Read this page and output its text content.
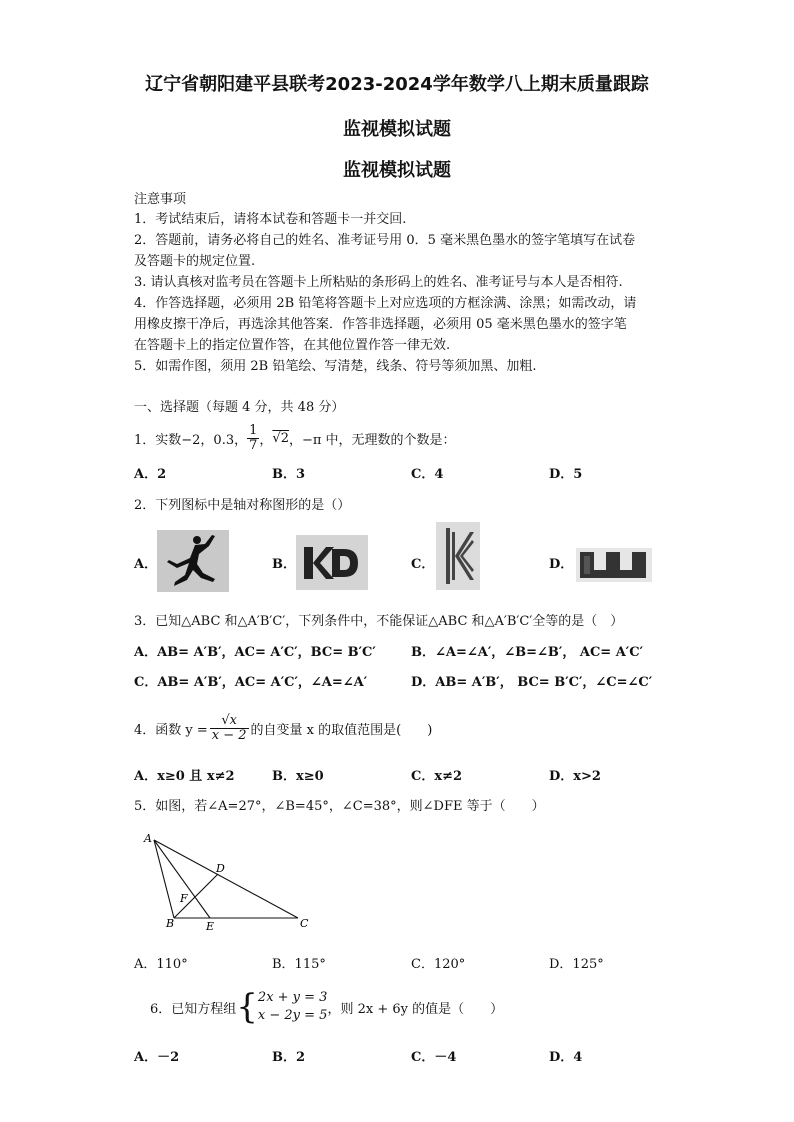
辽宁省朝阳建平县联考2023-2024学年数学八上期末质量跟踪
监视模拟试题
监视模拟试题
注意事项
1．考试结束后，请将本试卷和答题卡一并交回.
2．答题前，请务必将自己的姓名、准考证号用 0．5 毫米黑色墨水的签字笔填写在试卷
及答题卡的规定位置.
3. 请认真核对监考员在答题卡上所粘贴的条形码上的姓名、准考证号与本人是否相符.
4．作答选择题，必须用 2B 铅笔将答题卡上对应选项的方框涂满、涂黑；如需改动，请
用橡皮擦干净后，再选涂其他答案．作答非选择题，必须用 05 毫米黑色墨水的签字笔
在答题卡上的指定位置作答，在其他位置作答一律无效.
5．如需作图，须用 2B 铅笔绘、写清楚，线条、符号等须加黑、加粗.
一、选择题（每题 4 分，共 48 分）
1．实数−2，0.3， $\frac{1}{7}$ ， √2 ，−π 中，无理数的个数是：
A．2	B．3	C．4	D．5
2．下列图标中是轴对称图形的是（）
A．	B．	C．	D．
3．已知△ABC 和△A′B′C′，下列条件中，不能保证△ABC 和△A′B′C′全等的是（　）
A．AB= A′B′，AC= A′C′，BC= B′C′	B．∠A=∠A′，∠B=∠B′， AC= A′C′
C．AB= A′B′，AC= A′C′，∠A=∠A′	D．AB= A′B′， BC= B′C′，∠C=∠C′
4．函数 $y = \frac{√x}{x - 2}$ 的自变量 x 的取值范围是(　　)
A．x≥0 且 x≠2	B．x≥0	C．x≠2	D．x>2
5．如图，若∠A=27°，∠B=45°，∠C=38°，则∠DFE 等于（　　）
A
B	C
D
E
F
A．110°	B．115°	C．120°	D．125°
6．已知方程组 { 2x + y = 3
x − 2y = 5 ，则 2x + 6y 的值是（　　）
A．－2	B．2	C．－4	D．4
